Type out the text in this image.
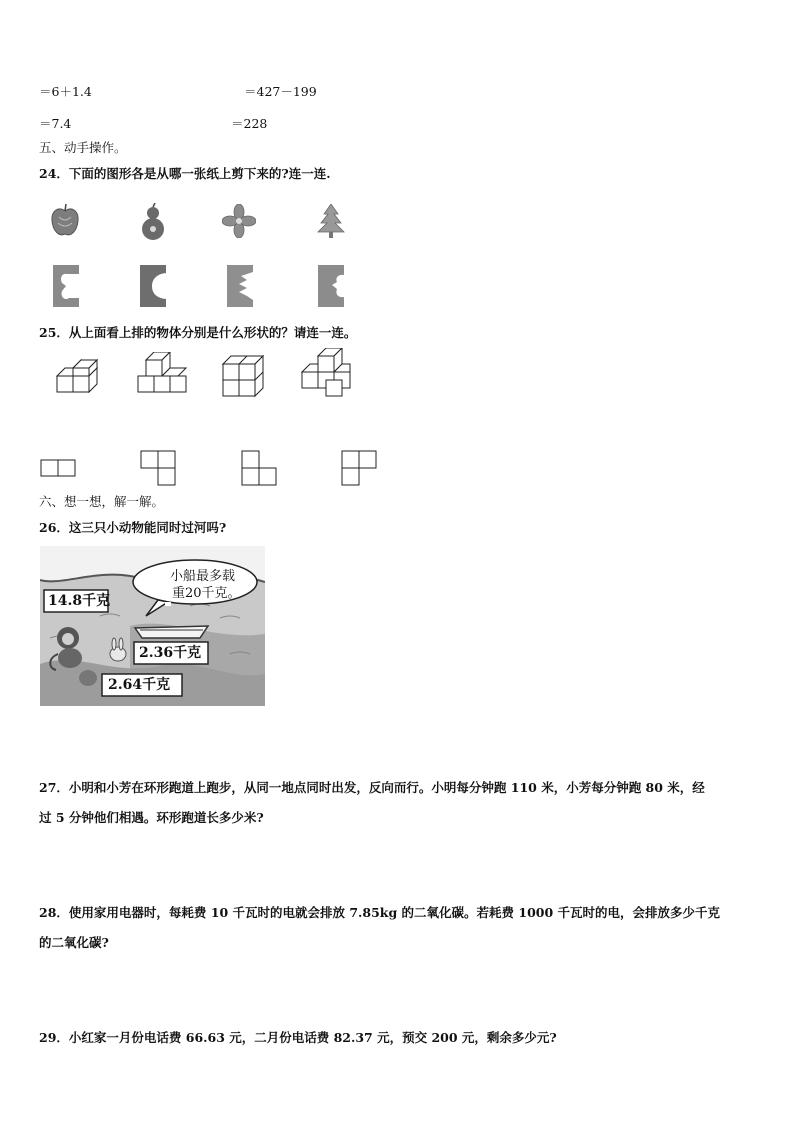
＝6＋1.4	＝427－199
＝7.4	＝228
五、动手操作。
24．下面的图形各是从哪一张纸上剪下来的?连一连.
25．从上面看上排的物体分别是什么形状的？请连一连。
六、想一想，解一解。
26．这三只小动物能同时过河吗?
小船最多载
重20千克。
14.8千克
2.36千克
2.64千克
27．小明和小芳在环形跑道上跑步，从同一地点同时出发，反向而行。小明每分钟跑 110 米，小芳每分钟跑 80 米，经
过 5 分钟他们相遇。环形跑道长多少米?
28．使用家用电器时，每耗费 10 千瓦时的电就会排放 7.85kg 的二氧化碳。若耗费 1000 千瓦时的电，会排放多少千克
的二氧化碳?
29．小红家一月份电话费 66.63 元，二月份电话费 82.37 元，预交 200 元，剩余多少元?
